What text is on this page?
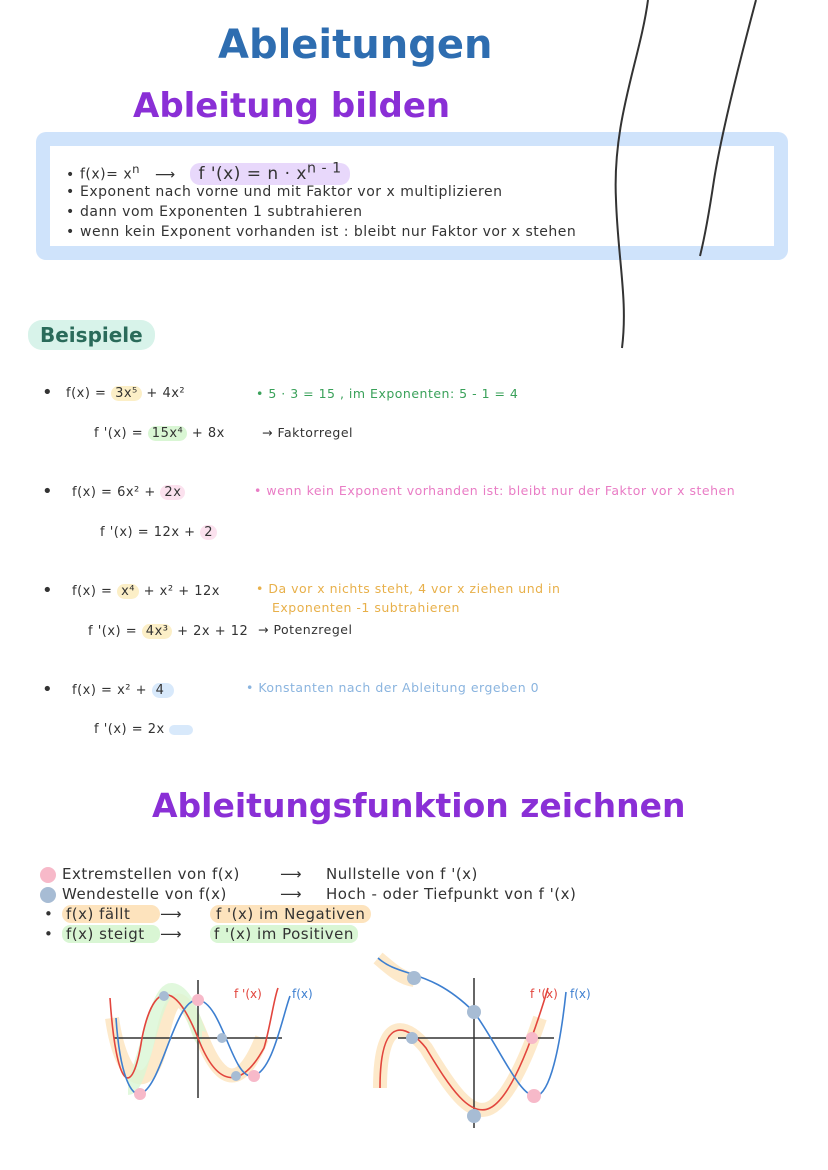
Ableitungen
Ableitung bilden
• $f(x)= x^n$ ⟶ f '$(x) = n \cdot x^{n - 1}$
• Exponent nach vorne und mit Faktor vor x multiplizieren
• dann vom Exponenten 1 subtrahieren
• wenn kein Exponent vorhanden ist : bleibt nur Faktor vor x stehen
Beispiele
• f(x) = 3x⁵ + 4x²
f '(x) = 15x⁴ + 8x
• 5 · 3 = 15 , im Exponenten: 5 - 1 = 4
→ Faktorregel
• f(x) = 6x² + 2x
f '(x) = 12x + 2
• wenn kein Exponent vorhanden ist: bleibt nur der Faktor vor x stehen
• f(x) = x⁴ + x² + 12x
f '(x) = 4x³ + 2x + 12
• Da vor x nichts steht, 4 vor x ziehen und in
Exponenten -1 subtrahieren
→ Potenzregel
• f(x) = x² + 4
f '(x) = 2x
• Konstanten nach der Ableitung ergeben 0
Ableitungsfunktion zeichnen
Extremstellen von f(x)	⟶ Nullstelle von f '(x)
Wendestelle von f(x)	⟶ Hoch - oder Tiefpunkt von f '(x)
• f(x) fällt ⟶ f '(x) im Negativen
• f(x) steigt ⟶ f '(x) im Positiven
f '(x)	f(x)	f '(x) f(x)
